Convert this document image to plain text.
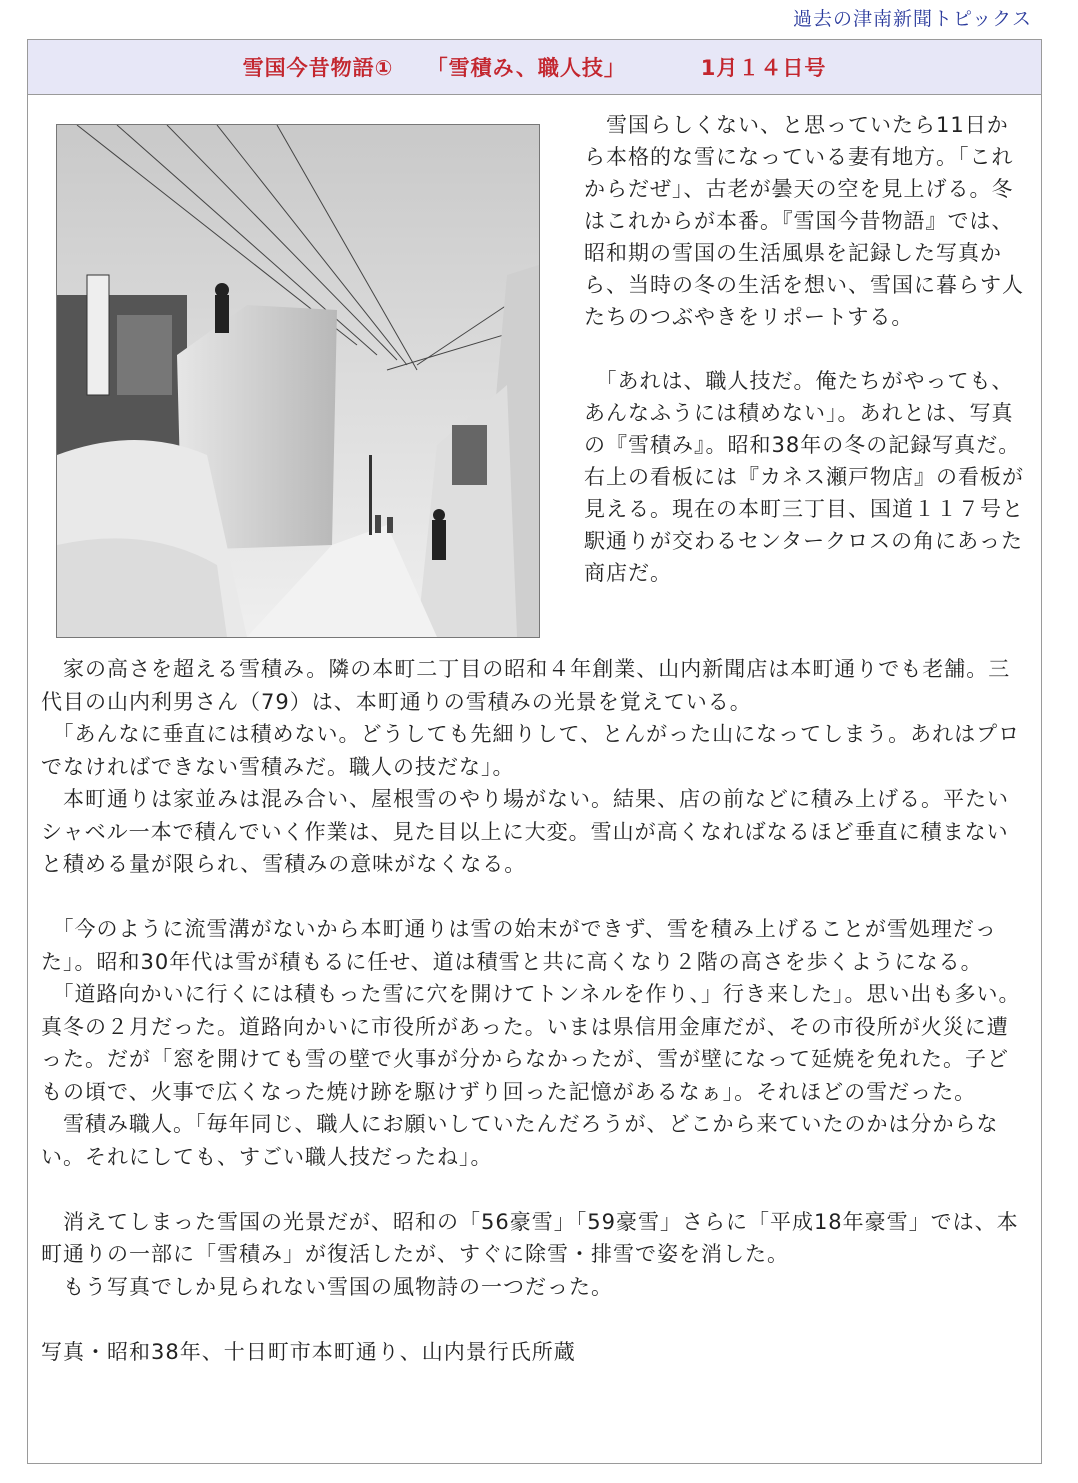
過去の津南新聞トピックス
雪国今昔物語①
「雪積み、職人技」
	1月１４日号

　雪国らしくない、と思っていたら11日から本格的な雪になっている妻有地方。「これからだぜ」、古老が曇天の空を見上げる。冬はこれからが本番。『雪国今昔物語』では、昭和期の雪国の生活風県を記録した写真から、当時の冬の生活を想い、雪国に暮らす人たちのつぶやきをリポートする。

　「あれは、職人技だ。俺たちがやっても、あんなふうには積めない」。あれとは、写真の『雪積み』。昭和38年の冬の記録写真だ。右上の看板には『カネス瀬戸物店』の看板が見える。現在の本町三丁目、国道１１７号と駅通りが交わるセンタークロスの角にあった商店だ。

　家の高さを超える雪積み。隣の本町二丁目の昭和４年創業、山内新聞店は本町通りでも老舗。三代目の山内利男さん（79）は、本町通りの雪積みの光景を覚えている。

　「あんなに垂直には積めない。どうしても先細りして、とんがった山になってしまう。あれはプロでなければできない雪積みだ。職人の技だな」。

　本町通りは家並みは混み合い、屋根雪のやり場がない。結果、店の前などに積み上げる。平たいシャベル一本で積んでいく作業は、見た目以上に大変。雪山が高くなればなるほど垂直に積まないと積める量が限られ、雪積みの意味がなくなる。

　「今のように流雪溝がないから本町通りは雪の始末ができず、雪を積み上げることが雪処理だった」。昭和30年代は雪が積もるに任せ、道は積雪と共に高くなり２階の高さを歩くようになる。

　「道路向かいに行くには積もった雪に穴を開けてトンネルを作り、」行き来した」。思い出も多い。真冬の２月だった。道路向かいに市役所があった。いまは県信用金庫だが、その市役所が火災に遭った。だが「窓を開けても雪の壁で火事が分からなかったが、雪が壁になって延焼を免れた。子どもの頃で、火事で広くなった焼け跡を駆けずり回った記憶があるなぁ」。それほどの雪だった。

　雪積み職人。「毎年同じ、職人にお願いしていたんだろうが、どこから来ていたのかは分からない。それにしても、すごい職人技だったね」。

　消えてしまった雪国の光景だが、昭和の「56豪雪」「59豪雪」さらに「平成18年豪雪」では、本町通りの一部に「雪積み」が復活したが、すぐに除雪・排雪で姿を消した。

　もう写真でしか見られない雪国の風物詩の一つだった。

写真・昭和38年、十日町市本町通り、山内景行氏所蔵
